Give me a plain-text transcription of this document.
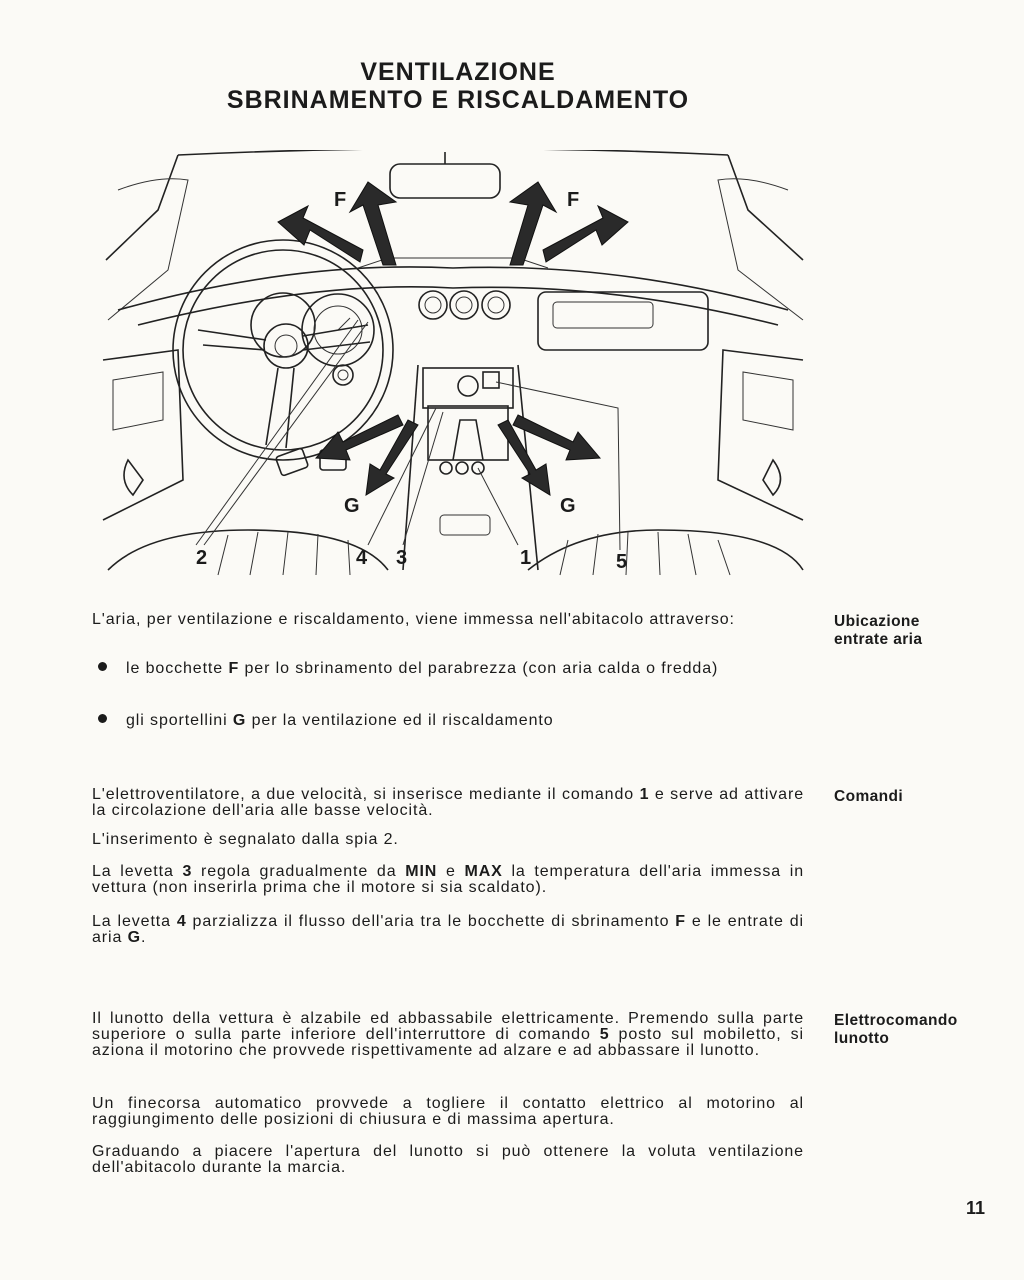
VENTILAZIONE
SBRINAMENTO E RISCALDAMENTO
F	F
G	G
2	4 3	1	5

Ubicazione entrate aria

L'aria, per ventilazione e riscaldamento, viene immessa nell'abitacolo attraverso:

le bocchette F per lo sbrinamento del parabrezza (con aria calda o fredda)
gli sportellini G per la ventilazione ed il riscaldamento

Comandi

L'elettroventilatore, a due velocità, si inserisce mediante il comando 1 e serve ad attivare la circolazione dell'aria alle basse velocità.

L'inserimento è segnalato dalla spia 2.

La levetta 3 regola gradualmente da MIN e MAX la temperatura dell'aria immessa in vettura (non inserirla prima che il motore si sia scaldato).

La levetta 4 parzializza il flusso dell'aria tra le bocchette di sbrinamento F e le entrate di aria G.

Elettrocomando lunotto

Il lunotto della vettura è alzabile ed abbassabile elettricamente. Premendo sulla parte superiore o sulla parte inferiore dell'interruttore di comando 5 posto sul mobiletto, si aziona il motorino che provvede rispettivamente ad alzare e ad abbassare il lunotto.

Un finecorsa automatico provvede a togliere il contatto elettrico al motorino al raggiungimento delle posizioni di chiusura e di massima apertura.

Graduando a piacere l'apertura del lunotto si può ottenere la voluta ventilazione dell'abitacolo durante la marcia.

11
